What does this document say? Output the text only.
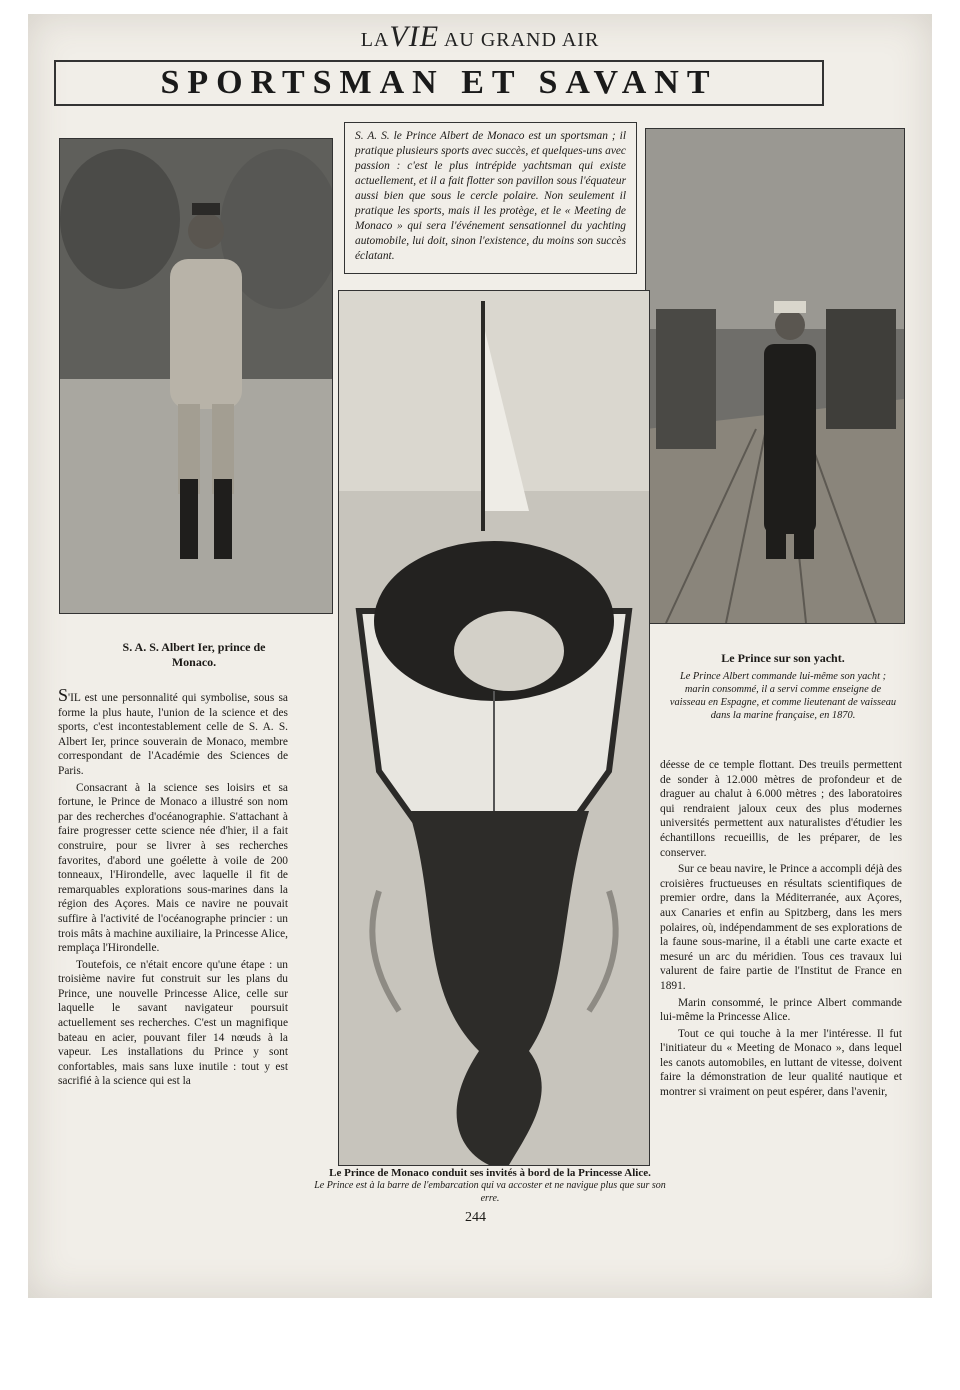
LAVIE AU GRAND AIR
SPORTSMAN ET SAVANT
S. A. S. le Prince Albert de Monaco est un sportsman ; il pratique plusieurs sports avec succès, et quelques-uns avec passion : c'est le plus intrépide yachtsman qui existe actuellement, et il a fait flotter son pavillon sous l'équateur aussi bien que sous le cercle polaire. Non seulement il pratique les sports, mais il les protège, et le « Meeting de Monaco » qui sera l'événement sensationnel du yachting automobile, lui doit, sinon l'existence, du moins son succès éclatant.
S. A. S. Albert Ier, prince de Monaco.	Le Prince sur son yacht.
Le Prince Albert commande lui-même son yacht ; marin consommé, il a servi comme enseigne de vaisseau en Espagne, et comme lieutenant de vaisseau dans la marine française, en 1870.
Le Prince de Monaco conduit ses invités à bord de la Princesse Alice.
Le Prince est à la barre de l'embarcation qui va accoster et ne navigue plus que sur son erre.

S'IL est une personnalité qui symbolise, sous sa forme la plus haute, l'union de la science et des sports, c'est incontestablement celle de S. A. S. Albert Ier, prince souverain de Monaco, membre correspondant de l'Académie des Sciences de Paris.

Consacrant à la science ses loisirs et sa fortune, le Prince de Monaco a illustré son nom par des recherches d'océanographie. S'attachant à faire progresser cette science née d'hier, il a fait construire, pour se livrer à ses recherches favorites, d'abord une goélette à voile de 200 tonneaux, l'Hirondelle, avec laquelle il fit de remarquables explorations sous-marines dans la région des Açores. Mais ce navire ne pouvait suffire à l'activité de l'océanographe princier : un trois mâts à machine auxiliaire, la Princesse Alice, remplaça l'Hirondelle.

Toutefois, ce n'était encore qu'une étape : un troisième navire fut construit sur les plans du Prince, une nouvelle Princesse Alice, celle sur laquelle le savant navigateur poursuit actuellement ses recherches. C'est un magnifique bateau en acier, pouvant filer 14 nœuds à la vapeur. Les installations du Prince y sont confortables, mais sans luxe inutile : tout y est sacrifié à la science qui est la

déesse de ce temple flottant. Des treuils permettent de sonder à 12.000 mètres de profondeur et de draguer au chalut à 6.000 mètres ; des laboratoires qui rendraient jaloux ceux des plus modernes universités permettent aux naturalistes d'étudier les échantillons recueillis, de les préparer, de les conserver.

Sur ce beau navire, le Prince a accompli déjà des croisières fructueuses en résultats scientifiques de premier ordre, dans la Méditerranée, aux Açores, aux Canaries et enfin au Spitzberg, dans les mers polaires, où, indépendamment de ses explorations de la faune sous-marine, il a établi une carte exacte et mesuré un arc du méridien. Tous ces travaux lui valurent de faire partie de l'Institut de France en 1891.

Marin consommé, le prince Albert commande lui-même la Princesse Alice.

Tout ce qui touche à la mer l'intéresse. Il fut l'initiateur du « Meeting de Monaco », dans lequel les canots automobiles, en luttant de vitesse, doivent faire la démonstration de leur qualité nautique et montrer si vraiment on peut espérer, dans l'avenir,

244
